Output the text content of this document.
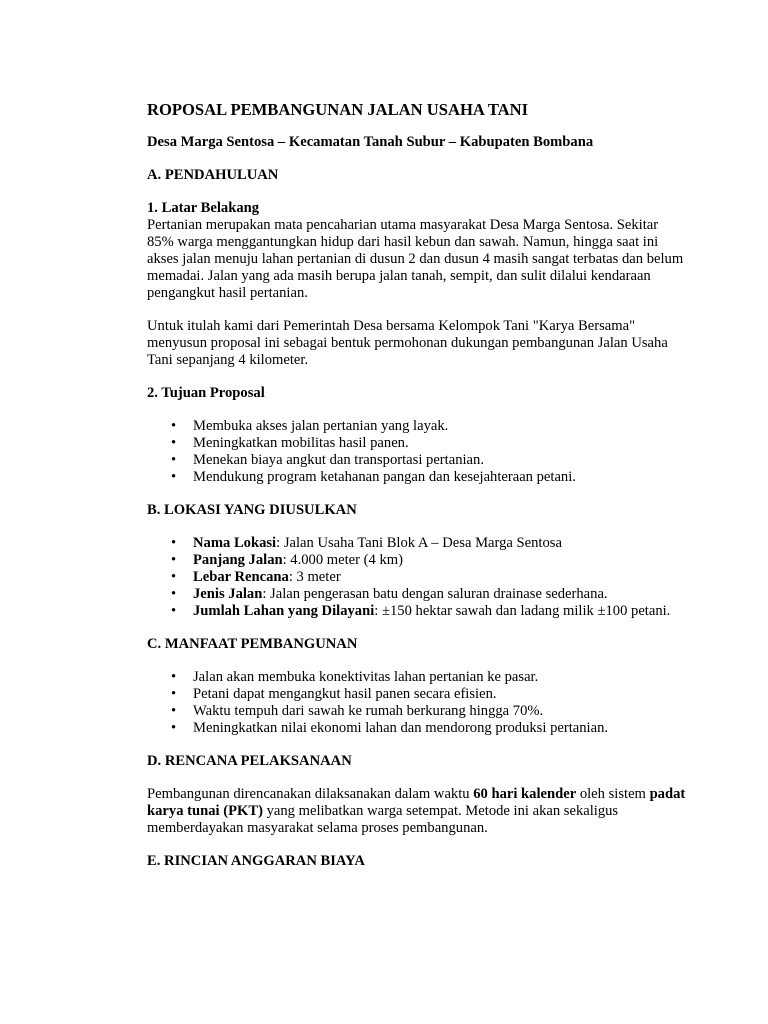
ROPOSAL PEMBANGUNAN JALAN USAHA TANI
Desa Marga Sentosa – Kecamatan Tanah Subur – Kabupaten Bombana
A. PENDAHULUAN
1. Latar Belakang

Pertanian merupakan mata pencaharian utama masyarakat Desa Marga Sentosa. Sekitar 85% warga menggantungkan hidup dari hasil kebun dan sawah. Namun, hingga saat ini akses jalan menuju lahan pertanian di dusun 2 dan dusun 4 masih sangat terbatas dan belum memadai. Jalan yang ada masih berupa jalan tanah, sempit, dan sulit dilalui kendaraan pengangkut hasil pertanian.

Untuk itulah kami dari Pemerintah Desa bersama Kelompok Tani "Karya Bersama" menyusun proposal ini sebagai bentuk permohonan dukungan pembangunan Jalan Usaha Tani sepanjang 4 kilometer.

2. Tujuan Proposal
• Membuka akses jalan pertanian yang layak.
• Meningkatkan mobilitas hasil panen.
• Menekan biaya angkut dan transportasi pertanian.
• Mendukung program ketahanan pangan dan kesejahteraan petani.
B. LOKASI YANG DIUSULKAN
• Nama Lokasi: Jalan Usaha Tani Blok A – Desa Marga Sentosa
• Panjang Jalan: 4.000 meter (4 km)
• Lebar Rencana: 3 meter
• Jenis Jalan: Jalan pengerasan batu dengan saluran drainase sederhana.
• Jumlah Lahan yang Dilayani: ±150 hektar sawah dan ladang milik ±100 petani.
C. MANFAAT PEMBANGUNAN
• Jalan akan membuka konektivitas lahan pertanian ke pasar.
• Petani dapat mengangkut hasil panen secara efisien.
• Waktu tempuh dari sawah ke rumah berkurang hingga 70%.
• Meningkatkan nilai ekonomi lahan dan mendorong produksi pertanian.
D. RENCANA PELAKSANAAN

Pembangunan direncanakan dilaksanakan dalam waktu 60 hari kalender oleh sistem padat karya tunai (PKT) yang melibatkan warga setempat. Metode ini akan sekaligus memberdayakan masyarakat selama proses pembangunan.

E. RINCIAN ANGGARAN BIAYA
